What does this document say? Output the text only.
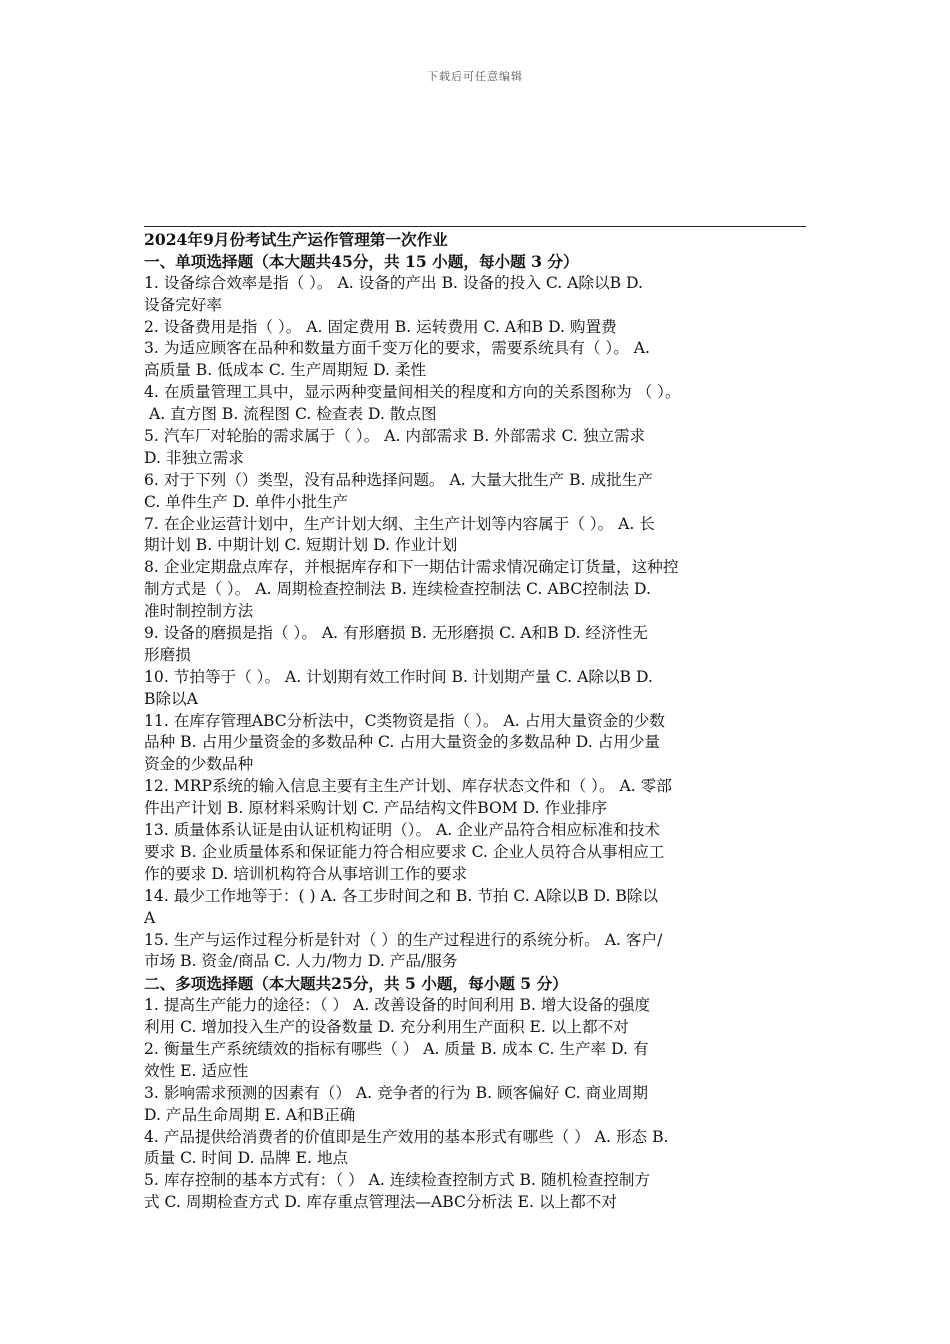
下载后可任意编辑
2024年9月份考试生产运作管理第一次作业
一、单项选择题（本大题共45分，共 15 小题，每小题 3 分）
1. 设备综合效率是指（ ）。 A. 设备的产出 B. 设备的投入 C. A除以B D.
设备完好率
2. 设备费用是指（ ）。 A. 固定费用 B. 运转费用 C. A和B D. 购置费
3. 为适应顾客在品种和数量方面千变万化的要求，需要系统具有（ ）。 A.
高质量 B. 低成本 C. 生产周期短 D. 柔性
4. 在质量管理工具中，显示两种变量间相关的程度和方向的关系图称为 （ ）。
A. 直方图 B. 流程图 C. 检查表 D. 散点图
5. 汽车厂对轮胎的需求属于（ ）。 A. 内部需求 B. 外部需求 C. 独立需求
D. 非独立需求
6. 对于下列（）类型，没有品种选择问题。 A. 大量大批生产 B. 成批生产
C. 单件生产 D. 单件小批生产
7. 在企业运营计划中，生产计划大纲、主生产计划等内容属于（ ）。 A. 长
期计划 B. 中期计划 C. 短期计划 D. 作业计划
8. 企业定期盘点库存，并根据库存和下一期估计需求情况确定订货量，这种控
制方式是（ ）。 A. 周期检查控制法 B. 连续检查控制法 C. ABC控制法 D.
准时制控制方法
9. 设备的磨损是指（ ）。 A. 有形磨损 B. 无形磨损 C. A和B D. 经济性无
形磨损
10. 节拍等于（ ）。 A. 计划期有效工作时间 B. 计划期产量 C. A除以B D.
B除以A
11. 在库存管理ABC分析法中，C类物资是指（ ）。 A. 占用大量资金的少数
品种 B. 占用少量资金的多数品种 C. 占用大量资金的多数品种 D. 占用少量
资金的少数品种
12. MRP系统的输入信息主要有主生产计划、库存状态文件和（ ）。 A. 零部
件出产计划 B. 原材料采购计划 C. 产品结构文件BOM D. 作业排序
13. 质量体系认证是由认证机构证明（）。 A. 企业产品符合相应标准和技术
要求 B. 企业质量体系和保证能力符合相应要求 C. 企业人员符合从事相应工
作的要求 D. 培训机构符合从事培训工作的要求
14. 最少工作地等于：( ) A. 各工步时间之和 B. 节拍 C. A除以B D. B除以
A
15. 生产与运作过程分析是针对（ ）的生产过程进行的系统分析。 A. 客户/
市场 B. 资金/商品 C. 人力/物力 D. 产品/服务
二、多项选择题（本大题共25分，共 5 小题，每小题 5 分）
1. 提高生产能力的途径：（ ） A. 改善设备的时间利用 B. 增大设备的强度
利用 C. 增加投入生产的设备数量 D. 充分利用生产面积 E. 以上都不对
2. 衡量生产系统绩效的指标有哪些（ ） A. 质量 B. 成本 C. 生产率 D. 有
效性 E. 适应性
3. 影响需求预测的因素有（） A. 竞争者的行为 B. 顾客偏好 C. 商业周期
D. 产品生命周期 E. A和B正确
4. 产品提供给消费者的价值即是生产效用的基本形式有哪些（ ） A. 形态 B.
质量 C. 时间 D. 品牌 E. 地点
5. 库存控制的基本方式有：（ ） A. 连续检查控制方式 B. 随机检查控制方
式 C. 周期检查方式 D. 库存重点管理法—ABC分析法 E. 以上都不对
